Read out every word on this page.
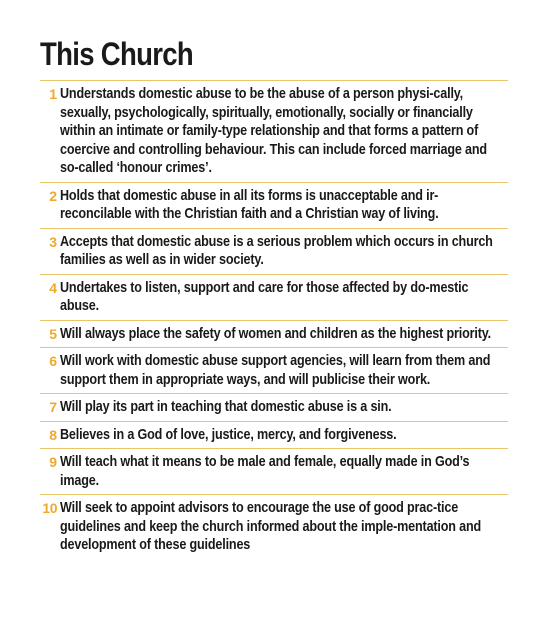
This Church
1 Understands domestic abuse to be the abuse of a person physi-cally, sexually, psychologically, spiritually, emotionally, socially or financially within an intimate or family-type relationship and that forms a pattern of coercive and controlling behaviour. This can include forced marriage and so-called ‘honour crimes’.
2 Holds that domestic abuse in all its forms is unacceptable and ir-reconcilable with the Christian faith and a Christian way of living.
3 Accepts that domestic abuse is a serious problem which occurs in church families as well as in wider society.
4 Undertakes to listen, support and care for those affected by do-mestic abuse.
5 Will always place the safety of women and children as the highest priority.
6 Will work with domestic abuse support agencies, will learn from them and support them in appropriate ways, and will publicise their work.
7 Will play its part in teaching that domestic abuse is a sin.
8 Believes in a God of love, justice, mercy, and forgiveness.
9 Will teach what it means to be male and female, equally made in God’s image.
10 Will seek to appoint advisors to encourage the use of good prac-tice guidelines and keep the church informed about the imple-mentation and development of these guidelines
